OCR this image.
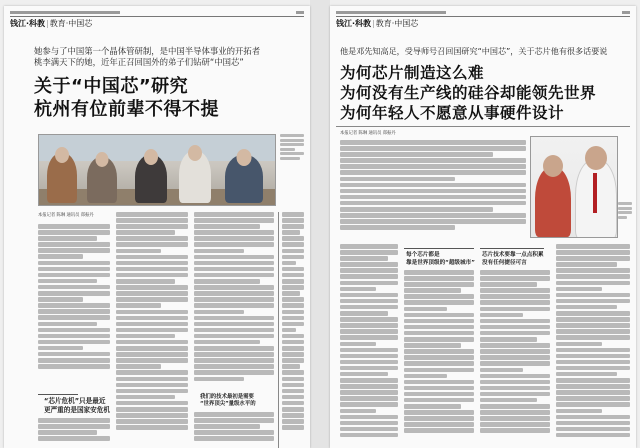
钱江·科教|教育·中国芯
她参与了中国第一个晶体管研制，是中国半导体事业的开拓者
桃李满天下的她，近年正召回国外的弟子们钻研“中国芯”
关于“中国芯”研究
杭州有位前辈不得不提
本报记者 陈琳 通讯员 郑振丹
“芯片危机”只是最近
更严重的是国家安危机
我们的技术最初是需要
“世界顶尖”量级水平的
钱江·科教|教育·中国芯
他是邓先知高足，受导师号召回国研究“中国芯”，关于芯片他有很多话要说
为何芯片制造这么难
为何没有生产线的硅谷却能领先世界
为何年轻人不愿意从事硬件设计
本报记者 陈琳 通讯员 郑振丹
每个芯片都是
靠是世界顶级的“超级城市”
芯片技术要靠一点点积累
没有任何捷径可言
